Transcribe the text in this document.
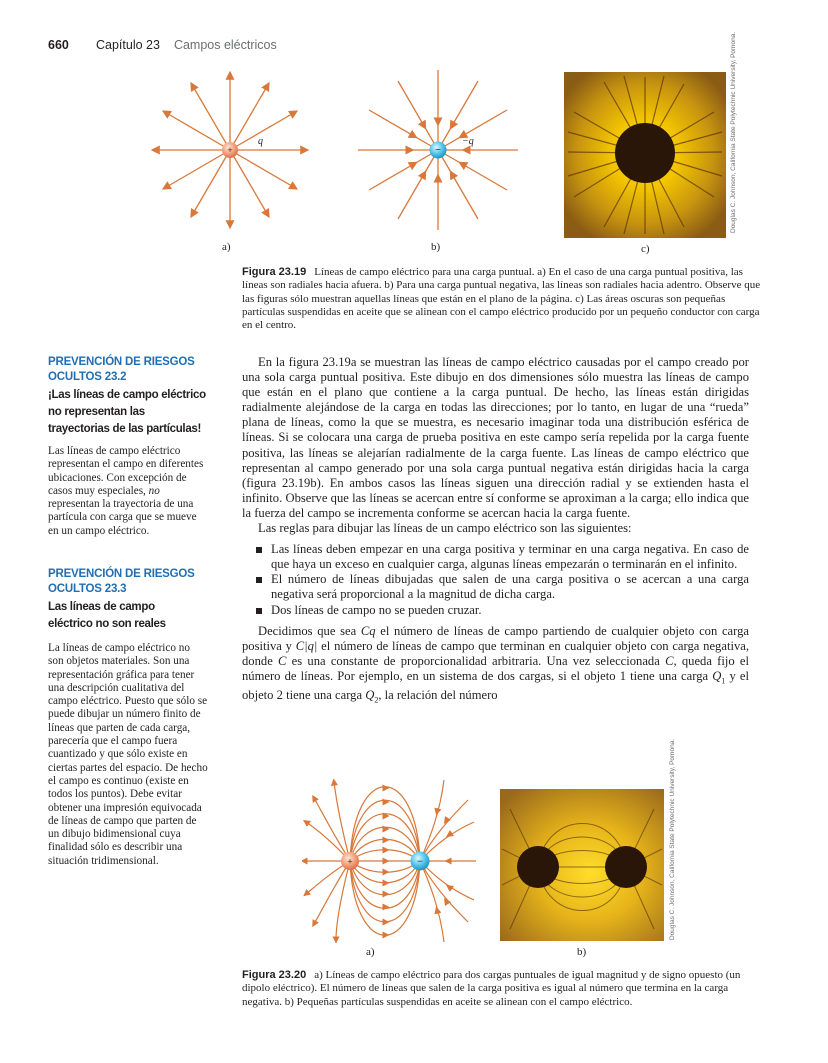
660 Capítulo 23 Campos eléctricos
+
q
a)
−
−q
b)
Douglas C. Johnson, California State Polytechnic University, Pomona.
c)
Figura 23.19 Líneas de campo eléctrico para una carga puntual. a) En el caso de una carga puntual positiva, las líneas son radiales hacia afuera. b) Para una carga puntual negativa, las líneas son radiales hacia adentro. Observe que las figuras sólo muestran aquellas líneas que están en el plano de la página. c) Las áreas oscuras son pequeñas partículas suspendidas en aceite que se alinean con el campo eléctrico producido por un pequeño conductor con carga en el centro.
PREVENCIÓN DE RIESGOS
OCULTOS 23.2
¡Las líneas de campo eléctrico no representan las trayectorias de las partículas!
Las líneas de campo eléctrico representan el campo en diferentes ubicaciones. Con excepción de casos muy especiales, no representan la trayectoria de una partícula con carga que se mueve en un campo eléctrico.
PREVENCIÓN DE RIESGOS
OCULTOS 23.3
Las líneas de campo eléctrico no son reales
La líneas de campo eléctrico no son objetos materiales. Son una representación gráfica para tener una descripción cualitativa del campo eléctrico. Puesto que sólo se puede dibujar un número finito de líneas que parten de cada carga, parecería que el campo fuera cuantizado y que sólo existe en ciertas partes del espacio. De hecho el campo es continuo (existe en todos los puntos). Debe evitar obtener una impresión equivocada de líneas de campo que parten de un dibujo bidimensional cuya finalidad sólo es describir una situación tridimensional.

En la figura 23.19a se muestran las líneas de campo eléctrico causadas por el campo creado por una sola carga puntual positiva. Este dibujo en dos dimensiones sólo muestra las líneas de campo que están en el plano que contiene a la carga puntual. De hecho, las líneas están dirigidas radialmente alejándose de la carga en todas las direcciones; por lo tanto, en lugar de una “rueda” plana de líneas, como la que se muestra, es necesario imaginar toda una distribución esférica de líneas. Si se colocara una carga de prueba positiva en este campo sería repelida por la carga fuente positiva, las líneas se alejarían radialmente de la carga fuente. Las líneas de campo eléctrico que representan al campo generado por una sola carga puntual negativa están dirigidas hacia la carga (figura 23.19b). En ambos casos las líneas siguen una dirección radial y se extienden hasta el infinito. Observe que las líneas se acercan entre sí conforme se aproximan a la carga; ello indica que la fuerza del campo se incrementa conforme se acercan hacia la carga fuente.

Las reglas para dibujar las líneas de un campo eléctrico son las siguientes:

Las líneas deben empezar en una carga positiva y terminar en una carga negativa. En caso de que haya un exceso en cualquier carga, algunas líneas empezarán o terminarán en el infinito.
El número de líneas dibujadas que salen de una carga positiva o se acercan a una carga negativa será proporcional a la magnitud de dicha carga.
Dos líneas de campo no se pueden cruzar.

Decidimos que sea Cq el número de líneas de campo partiendo de cualquier objeto con carga positiva y C|q| el número de líneas de campo que terminan en cualquier objeto con carga negativa, donde C es una constante de proporcionalidad arbitraria. Una vez seleccionada C, queda fijo el número de líneas. Por ejemplo, en un sistema de dos cargas, si el objeto 1 tiene una carga $Q_1$ y el objeto 2 tiene una carga $Q_2$, la relación del número

+	−
a)
Douglas C. Johnson, California State Polytechnic University, Pomona.
b)
Figura 23.20 a) Líneas de campo eléctrico para dos cargas puntuales de igual magnitud y de signo opuesto (un dipolo eléctrico). El número de líneas que salen de la carga positiva es igual al número que termina en la carga negativa. b) Pequeñas partículas suspendidas en aceite se alinean con el campo eléctrico.
